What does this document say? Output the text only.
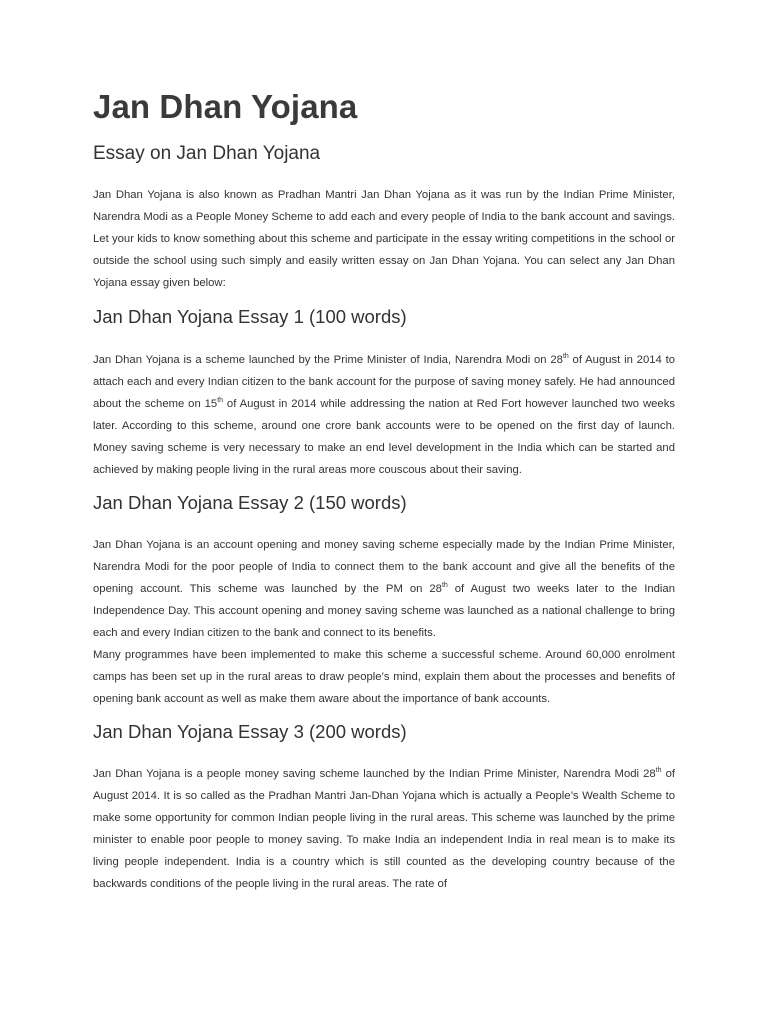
Jan Dhan Yojana
Essay on Jan Dhan Yojana

Jan Dhan Yojana is also known as Pradhan Mantri Jan Dhan Yojana as it was run by the Indian Prime Minister, Narendra Modi as a People Money Scheme to add each and every people of India to the bank account and savings. Let your kids to know something about this scheme and participate in the essay writing competitions in the school or outside the school using such simply and easily written essay on Jan Dhan Yojana. You can select any Jan Dhan Yojana essay given below:

Jan Dhan Yojana Essay 1 (100 words)

Jan Dhan Yojana is a scheme launched by the Prime Minister of India, Narendra Modi on 28th of August in 2014 to attach each and every Indian citizen to the bank account for the purpose of saving money safely. He had announced about the scheme on 15th of August in 2014 while addressing the nation at Red Fort however launched two weeks later. According to this scheme, around one crore bank accounts were to be opened on the first day of launch. Money saving scheme is very necessary to make an end level development in the India which can be started and achieved by making people living in the rural areas more couscous about their saving.

Jan Dhan Yojana Essay 2 (150 words)

Jan Dhan Yojana is an account opening and money saving scheme especially made by the Indian Prime Minister, Narendra Modi for the poor people of India to connect them to the bank account and give all the benefits of the opening account. This scheme was launched by the PM on 28th of August two weeks later to the Indian Independence Day. This account opening and money saving scheme was launched as a national challenge to bring each and every Indian citizen to the bank and connect to its benefits.

Many programmes have been implemented to make this scheme a successful scheme. Around 60,000 enrolment camps has been set up in the rural areas to draw people’s mind, explain them about the processes and benefits of opening bank account as well as make them aware about the importance of bank accounts.

Jan Dhan Yojana Essay 3 (200 words)

Jan Dhan Yojana is a people money saving scheme launched by the Indian Prime Minister, Narendra Modi 28th of August 2014. It is so called as the Pradhan Mantri Jan-Dhan Yojana which is actually a People’s Wealth Scheme to make some opportunity for common Indian people living in the rural areas. This scheme was launched by the prime minister to enable poor people to money saving. To make India an independent India in real mean is to make its living people independent. India is a country which is still counted as the developing country because of the backwards conditions of the people living in the rural areas. The rate of
